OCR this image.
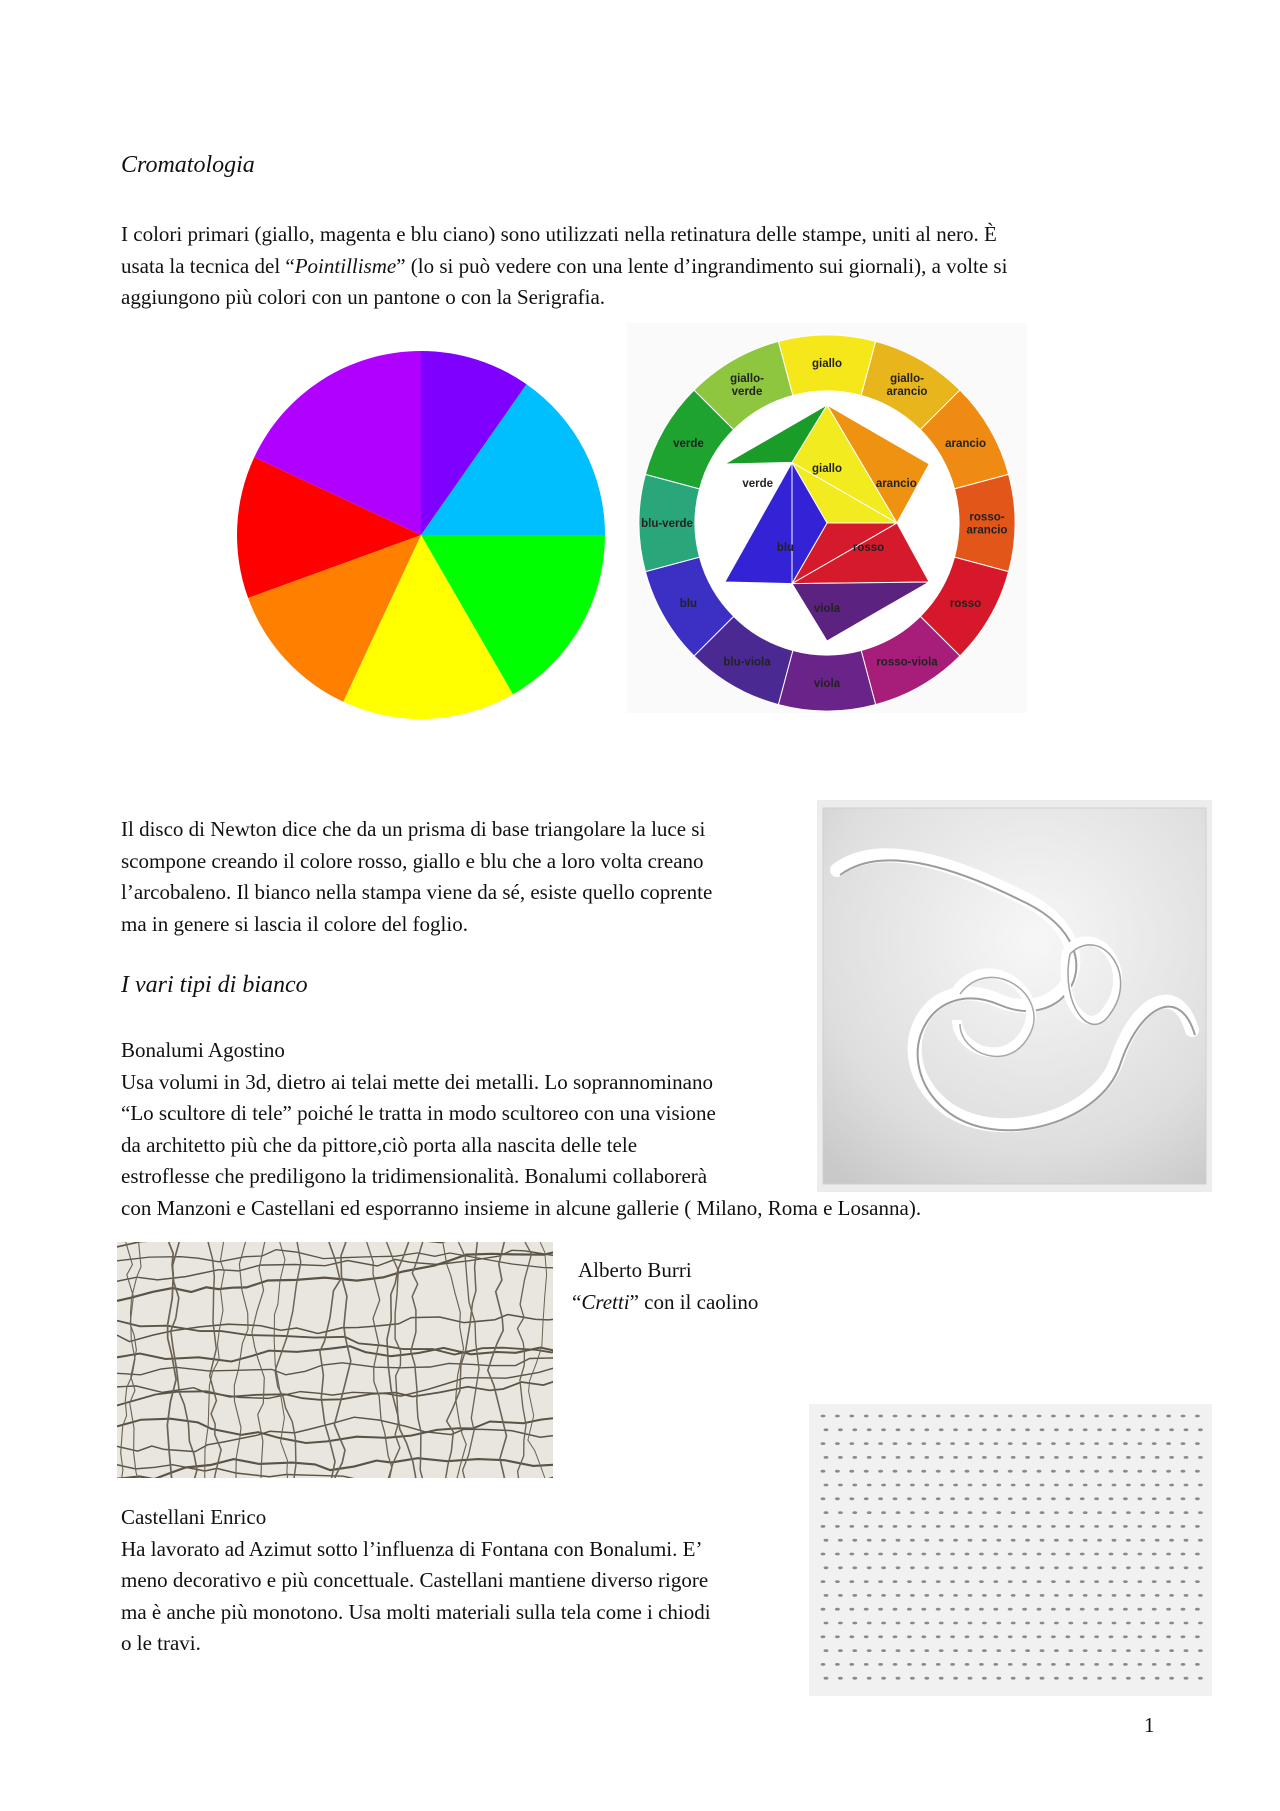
Cromatologia
I colori primari (giallo, magenta e blu ciano) sono utilizzati nella retinatura delle stampe, uniti al nero. È
usata la tecnica del “Pointillisme” (lo si può vedere con una lente d’ingrandimento sui giornali), a volte si
aggiungono più colori con un pantone o con la Serigrafia.
giallo
giallo-
arancio
arancio
rosso-
arancio
rosso
rosso-viola
viola
blu-viola
blu
blu-verde
verde
giallo-
verde
giallo
rosso
blu
arancio
verde
viola
Il disco di Newton dice che da un prisma di base triangolare la luce si
scompone creando il colore rosso, giallo e blu che a loro volta creano
l’arcobaleno. Il bianco nella stampa viene da sé, esiste quello coprente
ma in genere si lascia il colore del foglio.
I vari tipi di bianco
Bonalumi Agostino
Usa volumi in 3d, dietro ai telai mette dei metalli. Lo soprannominano
“Lo scultore di tele” poiché le tratta in modo scultoreo con una visione
da architetto più che da pittore,ciò porta alla nascita delle tele
estroflesse che prediligono la tridimensionalità. Bonalumi collaborerà
con Manzoni e Castellani ed esporranno insieme in alcune gallerie ( Milano, Roma e Losanna).
Alberto Burri
“Cretti” con il caolino
Castellani Enrico
Ha lavorato ad Azimut sotto l’influenza di Fontana con Bonalumi. E’
meno decorativo e più concettuale. Castellani mantiene diverso rigore
ma è anche più monotono. Usa molti materiali sulla tela come i chiodi
o le travi.
1
